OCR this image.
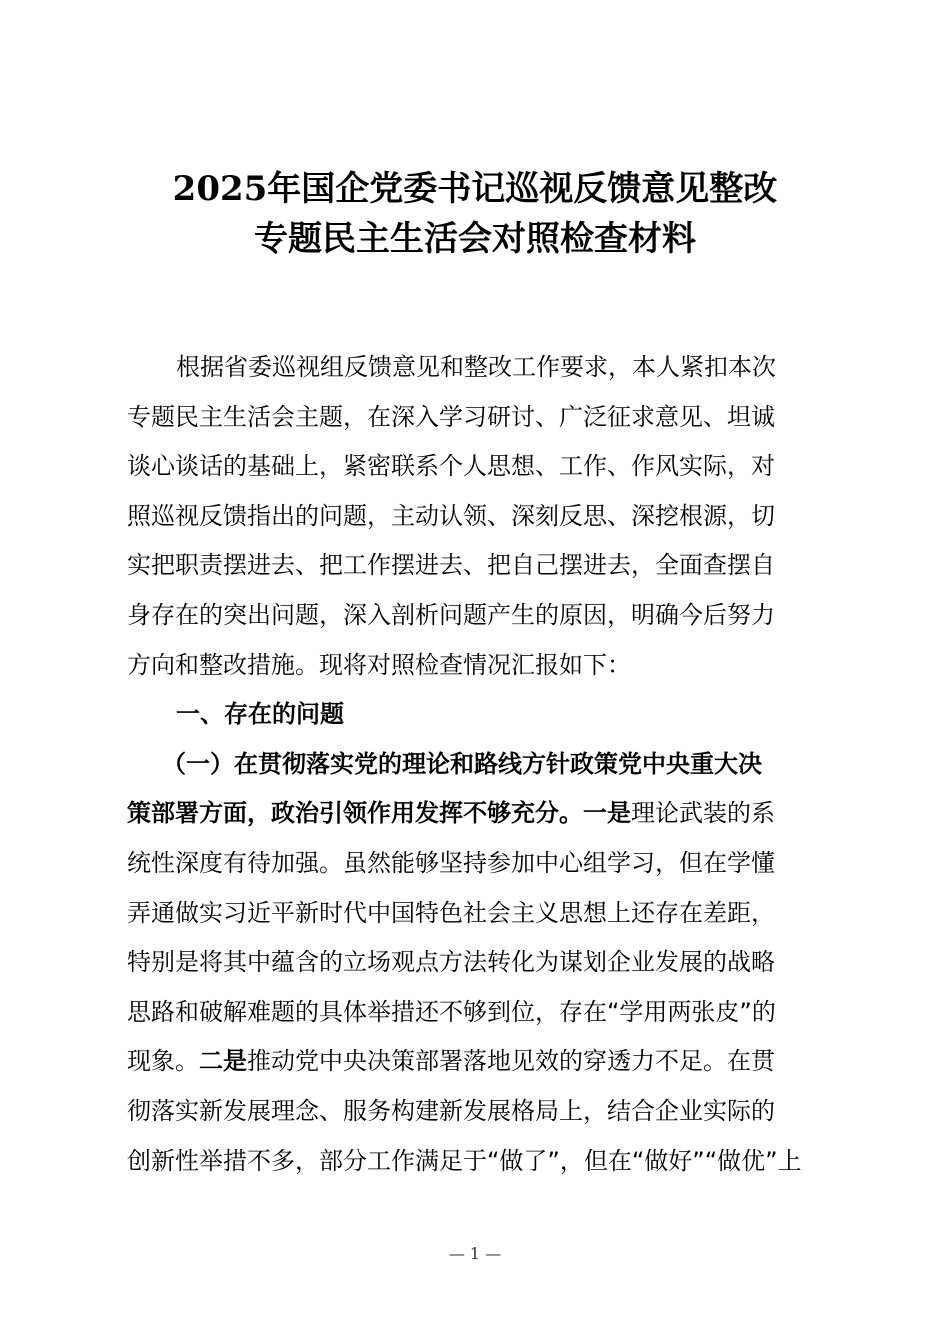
2025年国企党委书记巡视反馈意见整改
专题民主生活会对照检查材料

根据省委巡视组反馈意见和整改工作要求，本人紧扣本次
专题民主生活会主题，在深入学习研讨、广泛征求意见、坦诚
谈心谈话的基础上，紧密联系个人思想、工作、作风实际，对
照巡视反馈指出的问题，主动认领、深刻反思、深挖根源，切
实把职责摆进去、把工作摆进去、把自己摆进去，全面查摆自
身存在的突出问题，深入剖析问题产生的原因，明确今后努力
方向和整改措施。现将对照检查情况汇报如下：

一、存在的问题

（一）在贯彻落实党的理论和路线方针政策党中央重大决
策部署方面，政治引领作用发挥不够充分。一是理论武装的系
统性深度有待加强。虽然能够坚持参加中心组学习，但在学懂
弄通做实习近平新时代中国特色社会主义思想上还存在差距，
特别是将其中蕴含的立场观点方法转化为谋划企业发展的战略
思路和破解难题的具体举措还不够到位，存在“学用两张皮”的
现象。二是推动党中央决策部署落地见效的穿透力不足。在贯
彻落实新发展理念、服务构建新发展格局上，结合企业实际的
创新性举措不多，部分工作满足于“做了”，但在“做好”“做优”上

— 1 —
